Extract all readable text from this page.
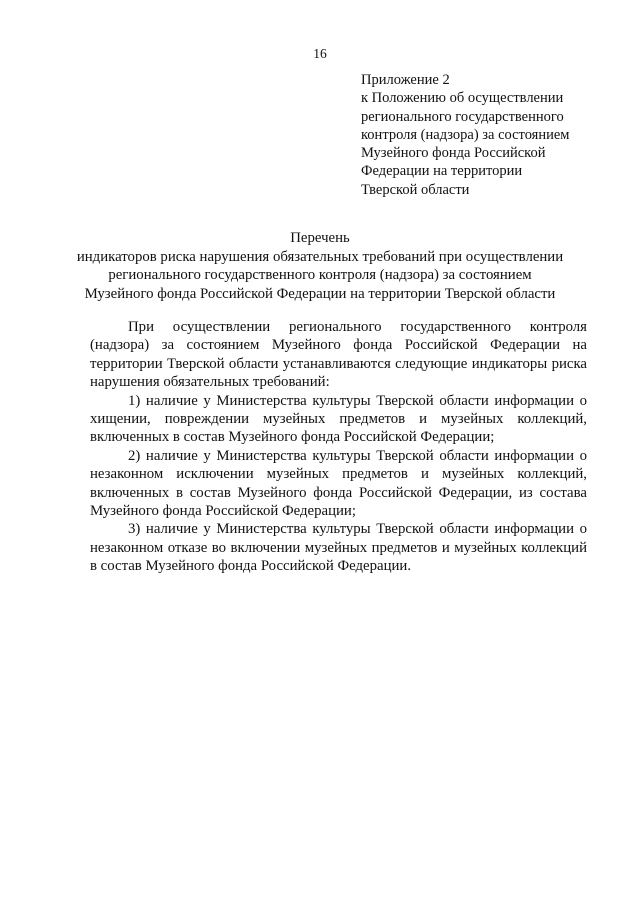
16
Приложение 2
к Положению об осуществлении
регионального государственного
контроля (надзора) за состоянием
Музейного фонда Российской
Федерации на территории
Тверской области
Перечень
индикаторов риска нарушения обязательных требований при осуществлении
регионального государственного контроля (надзора) за состоянием
Музейного фонда Российской Федерации на территории Тверской области

При осуществлении регионального государственного контроля (надзора) за состоянием Музейного фонда Российской Федерации на территории Тверской области устанавливаются следующие индикаторы риска нарушения обязательных требований:

1) наличие у Министерства культуры Тверской области информации о хищении, повреждении музейных предметов и музейных коллекций, включенных в состав Музейного фонда Российской Федерации;

2) наличие у Министерства культуры Тверской области информации о незаконном исключении музейных предметов и музейных коллекций, включенных в состав Музейного фонда Российской Федерации, из состава Музейного фонда Российской Федерации;

3) наличие у Министерства культуры Тверской области информации о незаконном отказе во включении музейных предметов и музейных коллекций в состав Музейного фонда Российской Федерации.
